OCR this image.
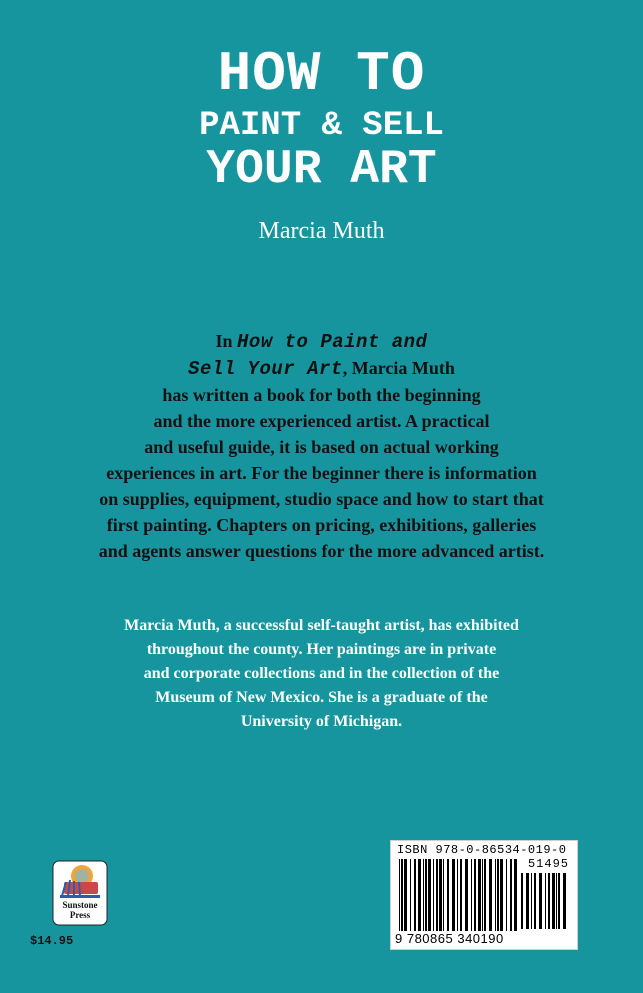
HOW TO
PAINT & SELL
YOUR ART
Marcia Muth
In How to Paint and
Sell Your Art, Marcia Muth
has written a book for both the beginning
and the more experienced artist. A practical
and useful guide, it is based on actual working
experiences in art. For the beginner there is information
on supplies, equipment, studio space and how to start that
first painting. Chapters on pricing, exhibitions, galleries
and agents answer questions for the more advanced artist.
Marcia Muth, a successful self-taught artist, has exhibited
throughout the county. Her paintings are in private
and corporate collections and in the collection of the
Museum of New Mexico. She is a graduate of the
University of Michigan.
Sunstone
Press
$14.95
ISBN 978-0-86534-019-0
51495
9 780865 340190
